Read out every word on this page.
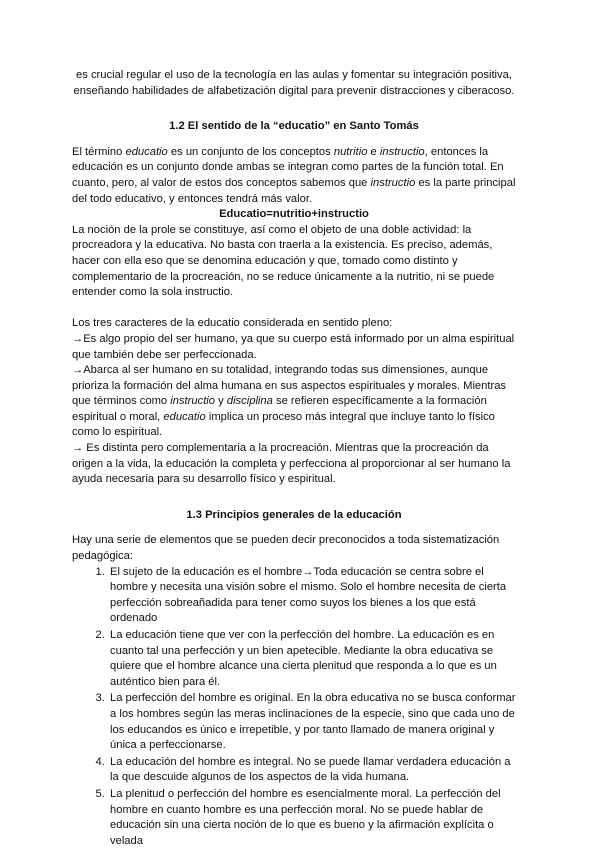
es crucial regular el uso de la tecnología en las aulas y fomentar su integración positiva,
enseñando habilidades de alfabetización digital para prevenir distracciones y ciberacoso.

1.2 El sentido de la “educatio” en Santo Tomás

El término educatio es un conjunto de los conceptos nutritio e instructio, entonces la educación es un conjunto donde ambas se integran como partes de la función total. En cuanto, pero, al valor de estos dos conceptos sabemos que instructio es la parte principal del todo educativo, y entonces tendrá más valor.

Educatio=nutritio+instructio

La noción de la prole se constituye, así como el objeto de una doble actividad: la procreadora y la educativa. No basta con traerla a la existencia. Es preciso, además, hacer con ella eso que se denomina educación y que, tomado como distinto y complementario de la procreación, no se reduce únicamente a la nutritio, ni se puede entender como la sola instructio.

Los tres caracteres de la educatio considerada en sentido pleno:

→Es algo propio del ser humano, ya que su cuerpo está informado por un alma espiritual que también debe ser perfeccionada.

→Abarca al ser humano en su totalidad, integrando todas sus dimensiones, aunque prioriza la formación del alma humana en sus aspectos espirituales y morales. Mientras que términos como instructio y disciplina se refieren específicamente a la formación espiritual o moral, educatio implica un proceso más integral que incluye tanto lo físico como lo espiritual.

→ Es distinta pero complementaria a la procreación. Mientras que la procreación da origen a la vida, la educación la completa y perfecciona al proporcionar al ser humano la ayuda necesaria para su desarrollo físico y espiritual.

1.3 Principios generales de la educación

Hay una serie de elementos que se pueden decir preconocidos a toda sistematización pedagógica:

1. El sujeto de la educación es el hombre→Toda educación se centra sobre el hombre y necesita una visión sobre el mismo. Solo el hombre necesita de cierta perfección sobreañadida para tener como suyos los bienes a los que está ordenado
2. La educación tiene que ver con la perfección del hombre. La educación es en cuanto tal una perfección y un bien apetecible. Mediante la obra educativa se quiere que el hombre alcance una cierta plenitud que responda a lo que es un auténtico bien para él.
3. La perfección del hombre es original. En la obra educativa no se busca conformar a los hombres según las meras inclinaciones de la especie, sino que cada uno de los educandos es único e irrepetible, y por tanto llamado de manera original y única a perfeccionarse.
4. La educación del hombre es integral. No se puede llamar verdadera educación a la que descuide algunos de los aspectos de la vida humana.
5. La plenitud o perfección del hombre es esencialmente moral. La perfección del hombre en cuanto hombre es una perfección moral. No se puede hablar de educación sin una cierta noción de lo que es bueno y la afirmación explícita o velada
